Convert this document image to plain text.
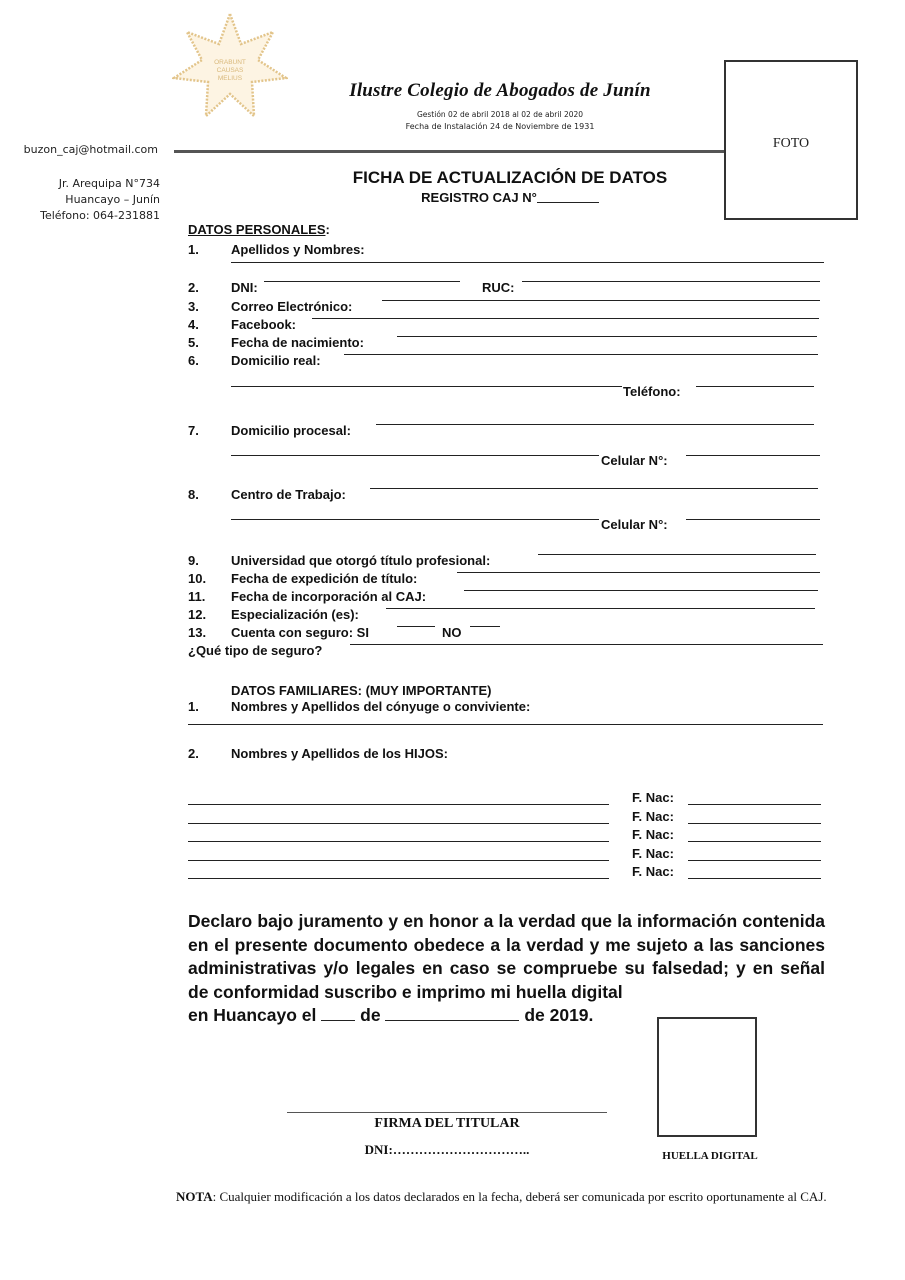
ORABUNT
CAUSAS
MELIUS
Ilustre Colegio de Abogados de Junín
Gestión 02 de abril 2018 al 02 de abril 2020
Fecha de Instalación 24 de Noviembre de 1931
buzon_caj@hotmail.com
Jr. Arequipa N°734
Huancayo – Junín
Teléfono: 064-231881
FOTO
FICHA DE ACTUALIZACIÓN DE DATOS
REGISTRO CAJ N°
DATOS PERSONALES:
1. Apellidos y Nombres:
2. DNI:	RUC:
3. Correo Electrónico:
4. Facebook:
5. Fecha de nacimiento:
6. Domicilio real:
Teléfono:
7. Domicilio procesal:
Celular N°:
8. Centro de Trabajo:
Celular N°:
9. Universidad que otorgó título profesional:
10. Fecha de expedición de título:
11. Fecha de incorporación al CAJ:
12. Especialización (es):
13. Cuenta con seguro: SI	NO
¿Qué tipo de seguro?
DATOS FAMILIARES: (MUY IMPORTANTE)
1. Nombres y Apellidos del cónyuge o conviviente:
2. Nombres y Apellidos de los HIJOS:
F. Nac:
F. Nac:
F. Nac:
F. Nac:
F. Nac:
Declaro bajo juramento y en honor a la verdad que la información contenida en el presente documento obedece a la verdad y me sujeto a las sanciones administrativas y/o legales en caso se compruebe su falsedad; y en señal de conformidad suscribo e imprimo mi huella digital
en Huancayo el	de	de 2019.
FIRMA DEL TITULAR
DNI:…………………………..	HUELLA DIGITAL
NOTA: Cualquier modificación a los datos declarados en la fecha, deberá ser comunicada por escrito oportunamente al CAJ.
